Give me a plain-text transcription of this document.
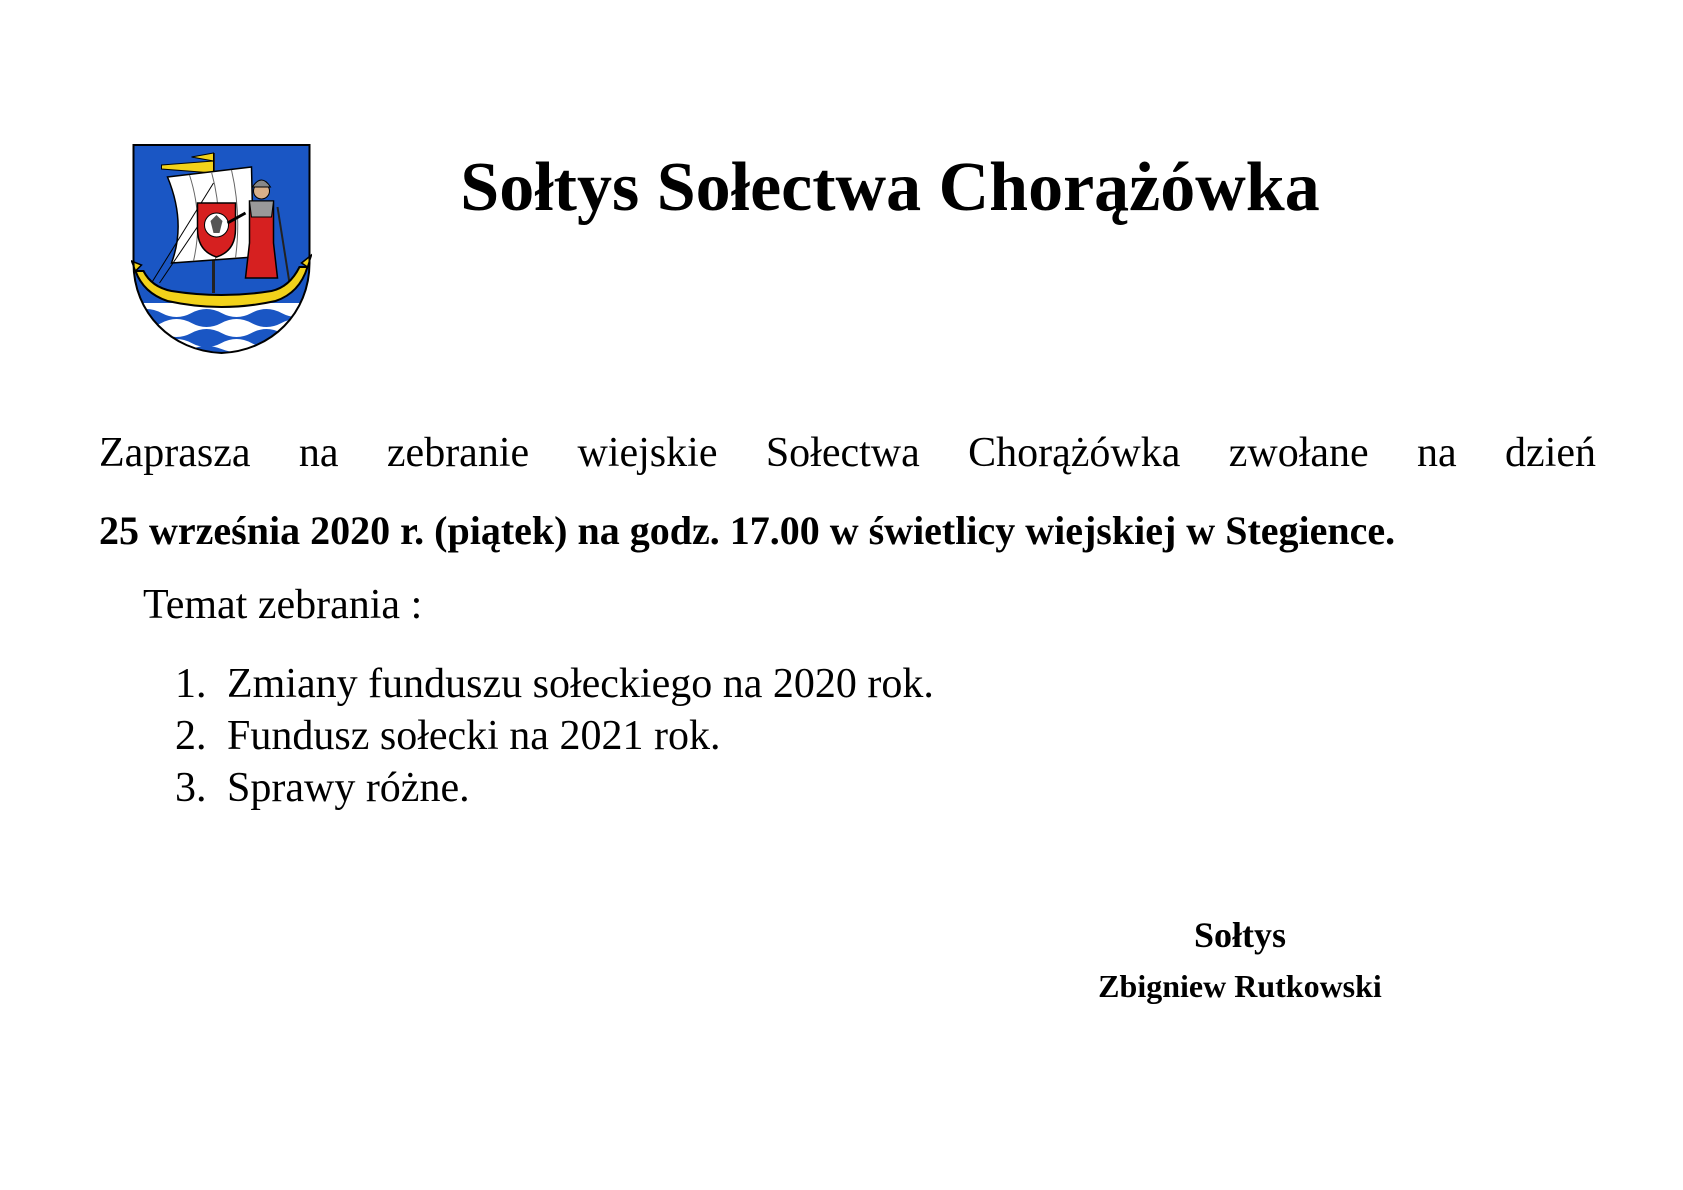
Sołtys Sołectwa Chorążówka
Zaprasza na zebranie wiejskie Sołectwa Chorążówka zwołane na dzień
25 września 2020 r. (piątek) na godz. 17.00 w świetlicy wiejskiej w Stegience.
Temat zebrania :
1. Zmiany funduszu sołeckiego na 2020 rok.
2. Fundusz sołecki na 2021 rok.
3. Sprawy różne.
Sołtys
Zbigniew Rutkowski
